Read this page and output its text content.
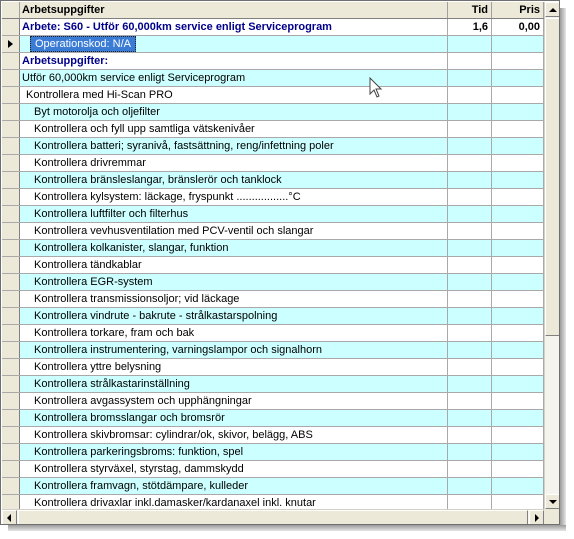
Arbetsuppgifter	Tid	Pris
Arbete: S60 - Utför 60,000km service enligt Serviceprogram	1,6	0,00
Operationskod: N/A
Arbetsuppgifter:
Utför 60,000km service enligt Serviceprogram
Kontrollera med Hi-Scan PRO
Byt motorolja och oljefilter
Kontrollera och fyll upp samtliga vätskenivåer
Kontrollera batteri; syranivå, fastsättning, reng/infettning poler
Kontrollera drivremmar
Kontrollera bränsleslangar, bränslerör och tanklock
Kontrollera kylsystem: läckage, fryspunkt .................°C
Kontrollera luftfilter och filterhus
Kontrollera vevhusventilation med PCV-ventil och slangar
Kontrollera kolkanister, slangar, funktion
Kontrollera tändkablar
Kontrollera EGR-system
Kontrollera transmissionsoljor; vid läckage
Kontrollera vindrute - bakrute - strålkastarspolning
Kontrollera torkare, fram och bak
Kontrollera instrumentering, varningslampor och signalhorn
Kontrollera yttre belysning
Kontrollera strålkastarinställning
Kontrollera avgassystem och upphängningar
Kontrollera bromsslangar och bromsrör
Kontrollera skivbromsar: cylindrar/ok, skivor, belägg, ABS
Kontrollera parkeringsbroms: funktion, spel
Kontrollera styrväxel, styrstag, dammskydd
Kontrollera framvagn, stötdämpare, kulleder
Kontrollera drivaxlar inkl.damasker/kardanaxel inkl. knutar
